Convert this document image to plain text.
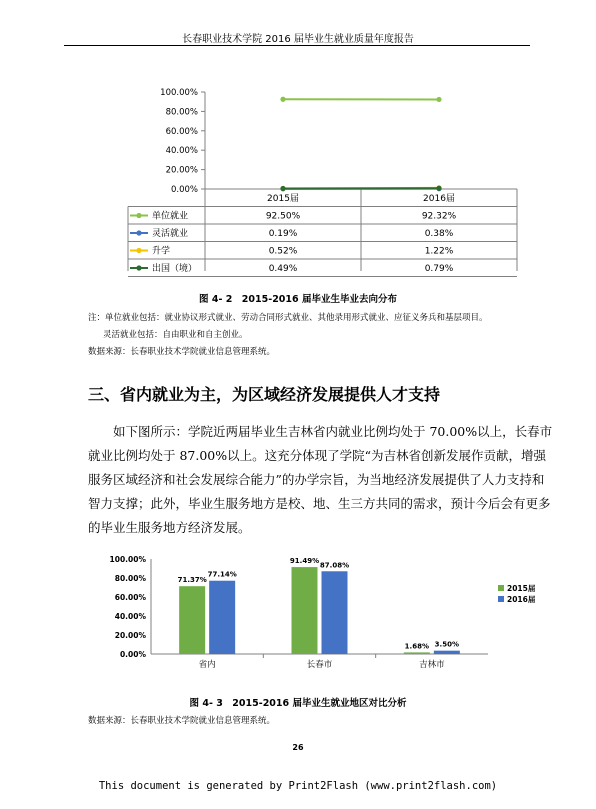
长春职业技术学院 2016 届毕业生就业质量年度报告
100.00%
80.00%
60.00%
40.00%
20.00%
0.00%
2015届	2016届
单位就业	92.50%	92.32%
灵活就业	0.19%	0.38%
升学	0.52%	1.22%
出国（境）	0.49%	0.79%
图 4- 2　2015-2016 届毕业生毕业去向分布
注：单位就业包括：就业协议形式就业、劳动合同形式就业、其他录用形式就业、应征义务兵和基层项目。
灵活就业包括：自由职业和自主创业。
数据来源：长春职业技术学院就业信息管理系统。
三、省内就业为主，为区域经济发展提供人才支持
如下图所示：学院近两届毕业生吉林省内就业比例均处于 70.00%以上，长春市
就业比例均处于 87.00%以上。这充分体现了学院“为吉林省创新发展作贡献，增强
服务区域经济和社会发展综合能力”的办学宗旨，为当地经济发展提供了人力支持和
智力支撑；此外，毕业生服务地方是校、地、生三方共同的需求，预计今后会有更多
的毕业生服务地方经济发展。
100.00%
80.00%
60.00%
40.00%
20.00%
0.00%
省内
71.37%
77.14%
长春市
91.49%
87.08%
吉林市
1.68% 3.50%
2015届
2016届
图 4- 3　2015-2016 届毕业生就业地区对比分析
数据来源：长春职业技术学院就业信息管理系统。
26
This document is generated by Print2Flash (www.print2flash.com)
